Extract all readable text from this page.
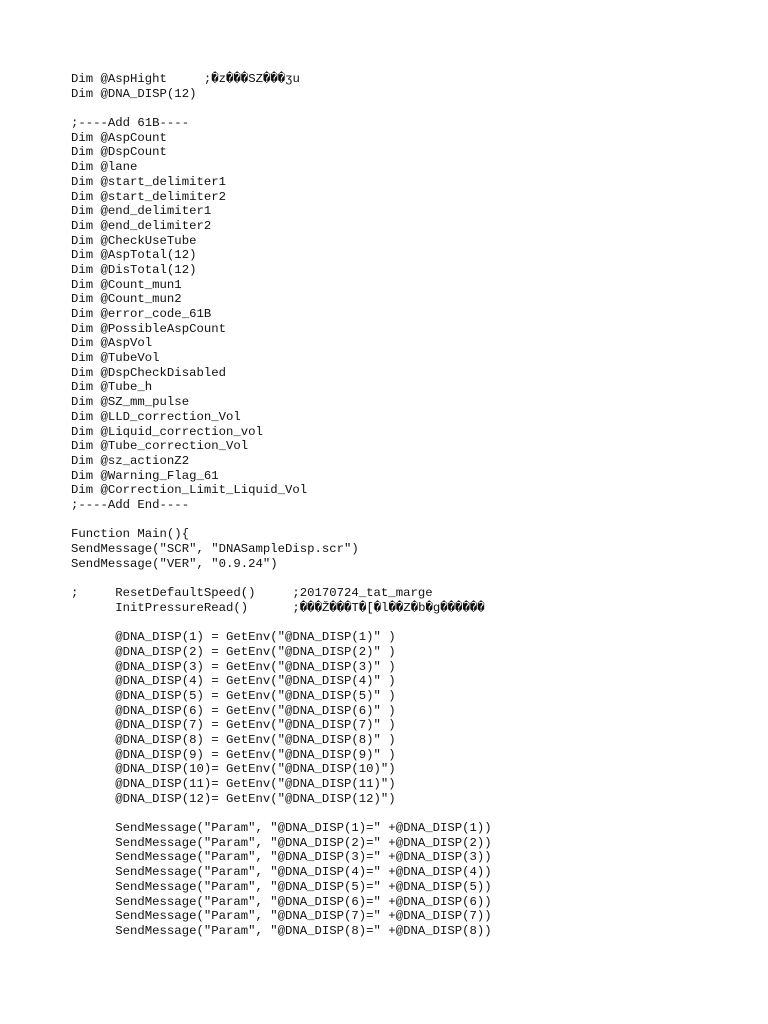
Dim @AspHight     ;�z���SZ���ʒu
Dim @DNA_DISP(12)
;----Add 61B----
Dim @AspCount
Dim @DspCount
Dim @lane
Dim @start_delimiter1
Dim @start_delimiter2
Dim @end_delimiter1
Dim @end_delimiter2
Dim @CheckUseTube
Dim @AspTotal(12)
Dim @DisTotal(12)
Dim @Count_mun1
Dim @Count_mun2
Dim @error_code_61B
Dim @PossibleAspCount
Dim @AspVol
Dim @TubeVol
Dim @DspCheckDisabled
Dim @Tube_h
Dim @SZ_mm_pulse
Dim @LLD_correction_Vol
Dim @Liquid_correction_vol
Dim @Tube_correction_Vol
Dim @sz_actionZ2
Dim @Warning_Flag_61
Dim @Correction_Limit_Liquid_Vol
;----Add End----
Function Main(){
SendMessage("SCR", "DNASampleDisp.scr")
SendMessage("VER", "0.9.24")
;     ResetDefaultSpeed()     ;20170724_tat_marge
InitPressureRead()      ;���Ž���T�[�l��Z�b�g������
@DNA_DISP(1) = GetEnv("@DNA_DISP(1)" )
@DNA_DISP(2) = GetEnv("@DNA_DISP(2)" )
@DNA_DISP(3) = GetEnv("@DNA_DISP(3)" )
@DNA_DISP(4) = GetEnv("@DNA_DISP(4)" )
@DNA_DISP(5) = GetEnv("@DNA_DISP(5)" )
@DNA_DISP(6) = GetEnv("@DNA_DISP(6)" )
@DNA_DISP(7) = GetEnv("@DNA_DISP(7)" )
@DNA_DISP(8) = GetEnv("@DNA_DISP(8)" )
@DNA_DISP(9) = GetEnv("@DNA_DISP(9)" )
@DNA_DISP(10)= GetEnv("@DNA_DISP(10)")
@DNA_DISP(11)= GetEnv("@DNA_DISP(11)")
@DNA_DISP(12)= GetEnv("@DNA_DISP(12)")
SendMessage("Param", "@DNA_DISP(1)=" +@DNA_DISP(1))
SendMessage("Param", "@DNA_DISP(2)=" +@DNA_DISP(2))
SendMessage("Param", "@DNA_DISP(3)=" +@DNA_DISP(3))
SendMessage("Param", "@DNA_DISP(4)=" +@DNA_DISP(4))
SendMessage("Param", "@DNA_DISP(5)=" +@DNA_DISP(5))
SendMessage("Param", "@DNA_DISP(6)=" +@DNA_DISP(6))
SendMessage("Param", "@DNA_DISP(7)=" +@DNA_DISP(7))
SendMessage("Param", "@DNA_DISP(8)=" +@DNA_DISP(8))
